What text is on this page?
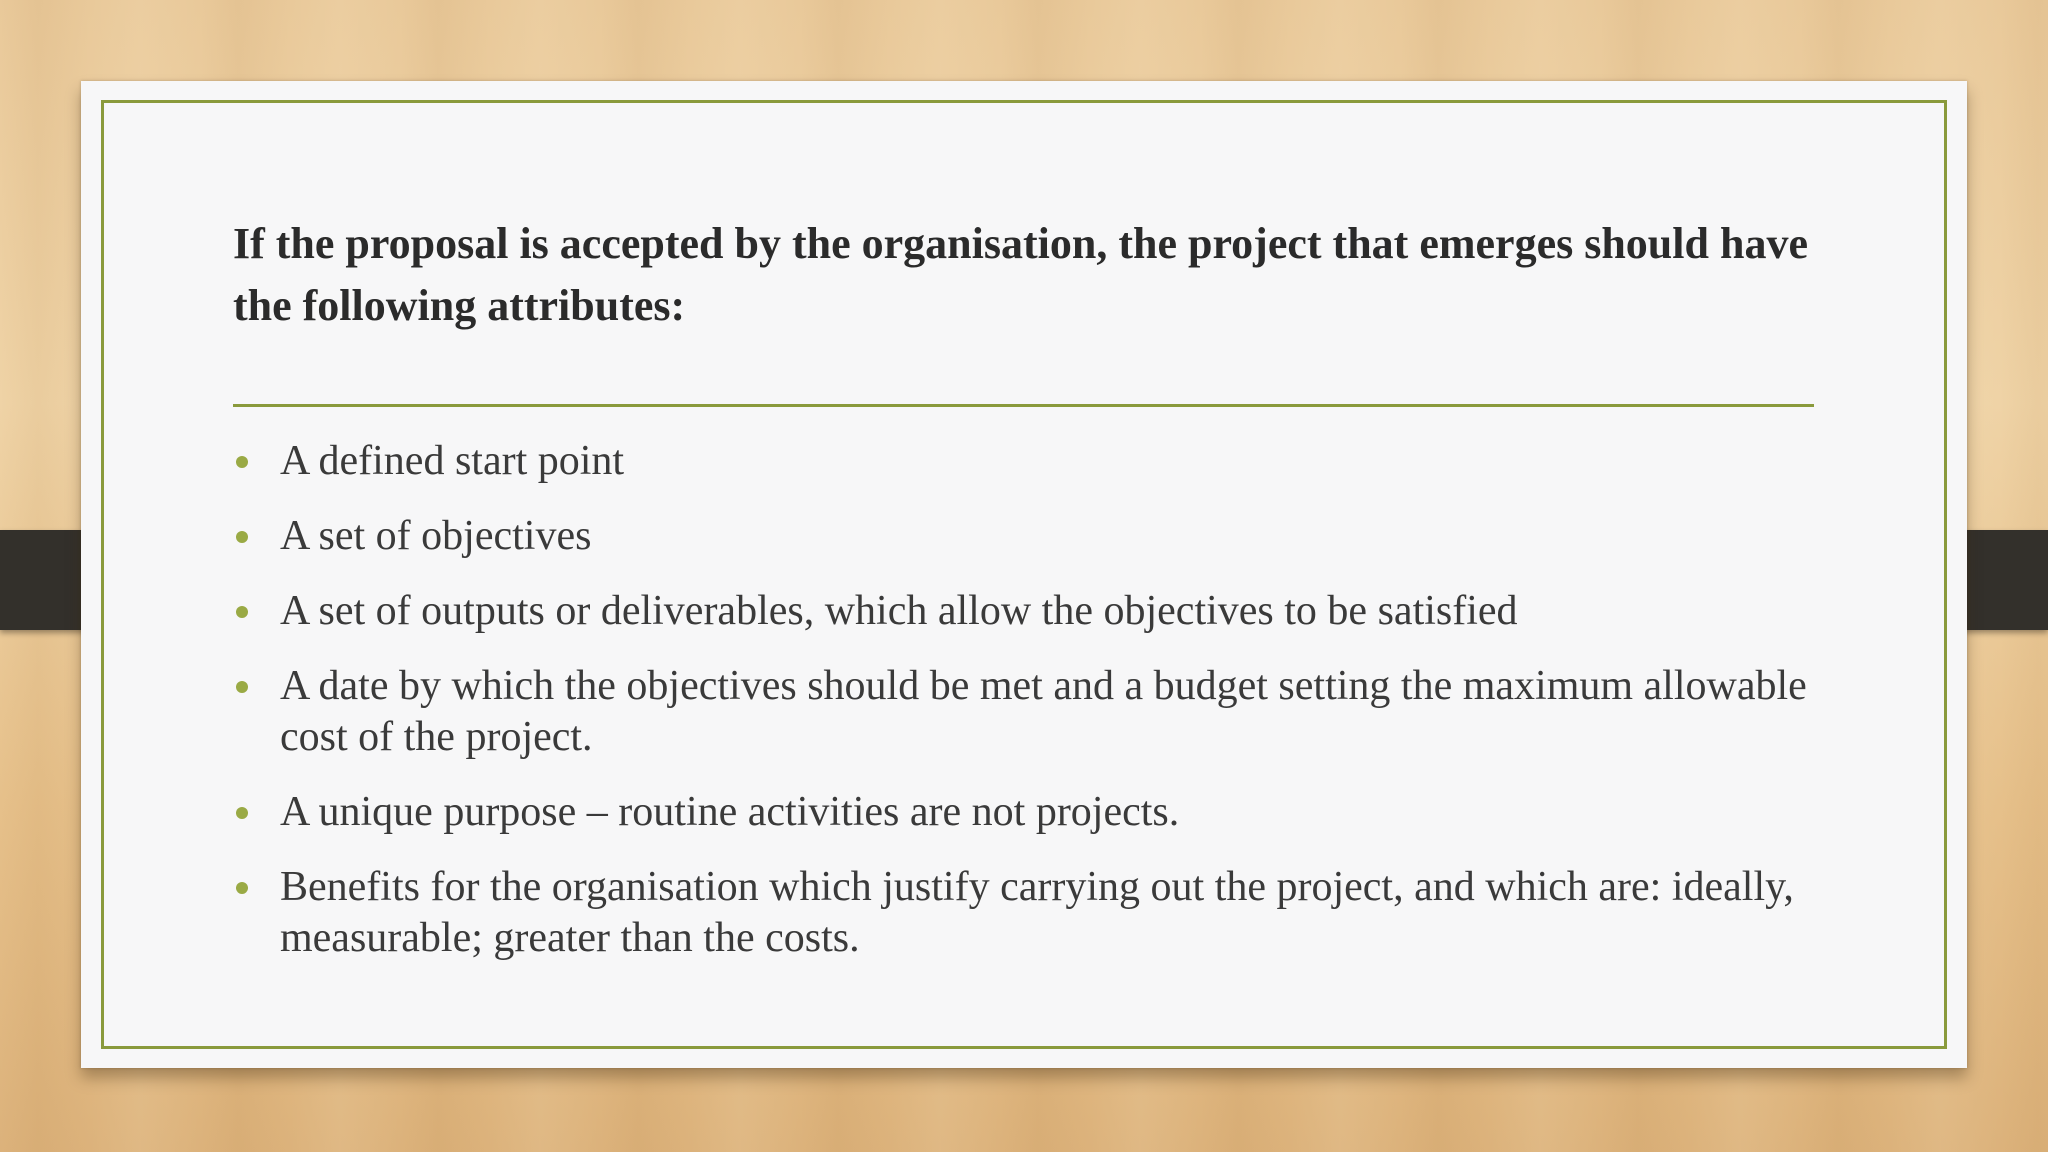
If the proposal is accepted by the organisation, the project that emerges should have the following attributes:
A defined start point
A set of objectives
A set of outputs or deliverables, which allow the objectives to be satisfied
A date by which the objectives should be met and a budget setting the maximum allowable cost of the project.
A unique purpose – routine activities are not projects.
Benefits for the organisation which justify carrying out the project, and which are: ideally, measurable; greater than the costs.
